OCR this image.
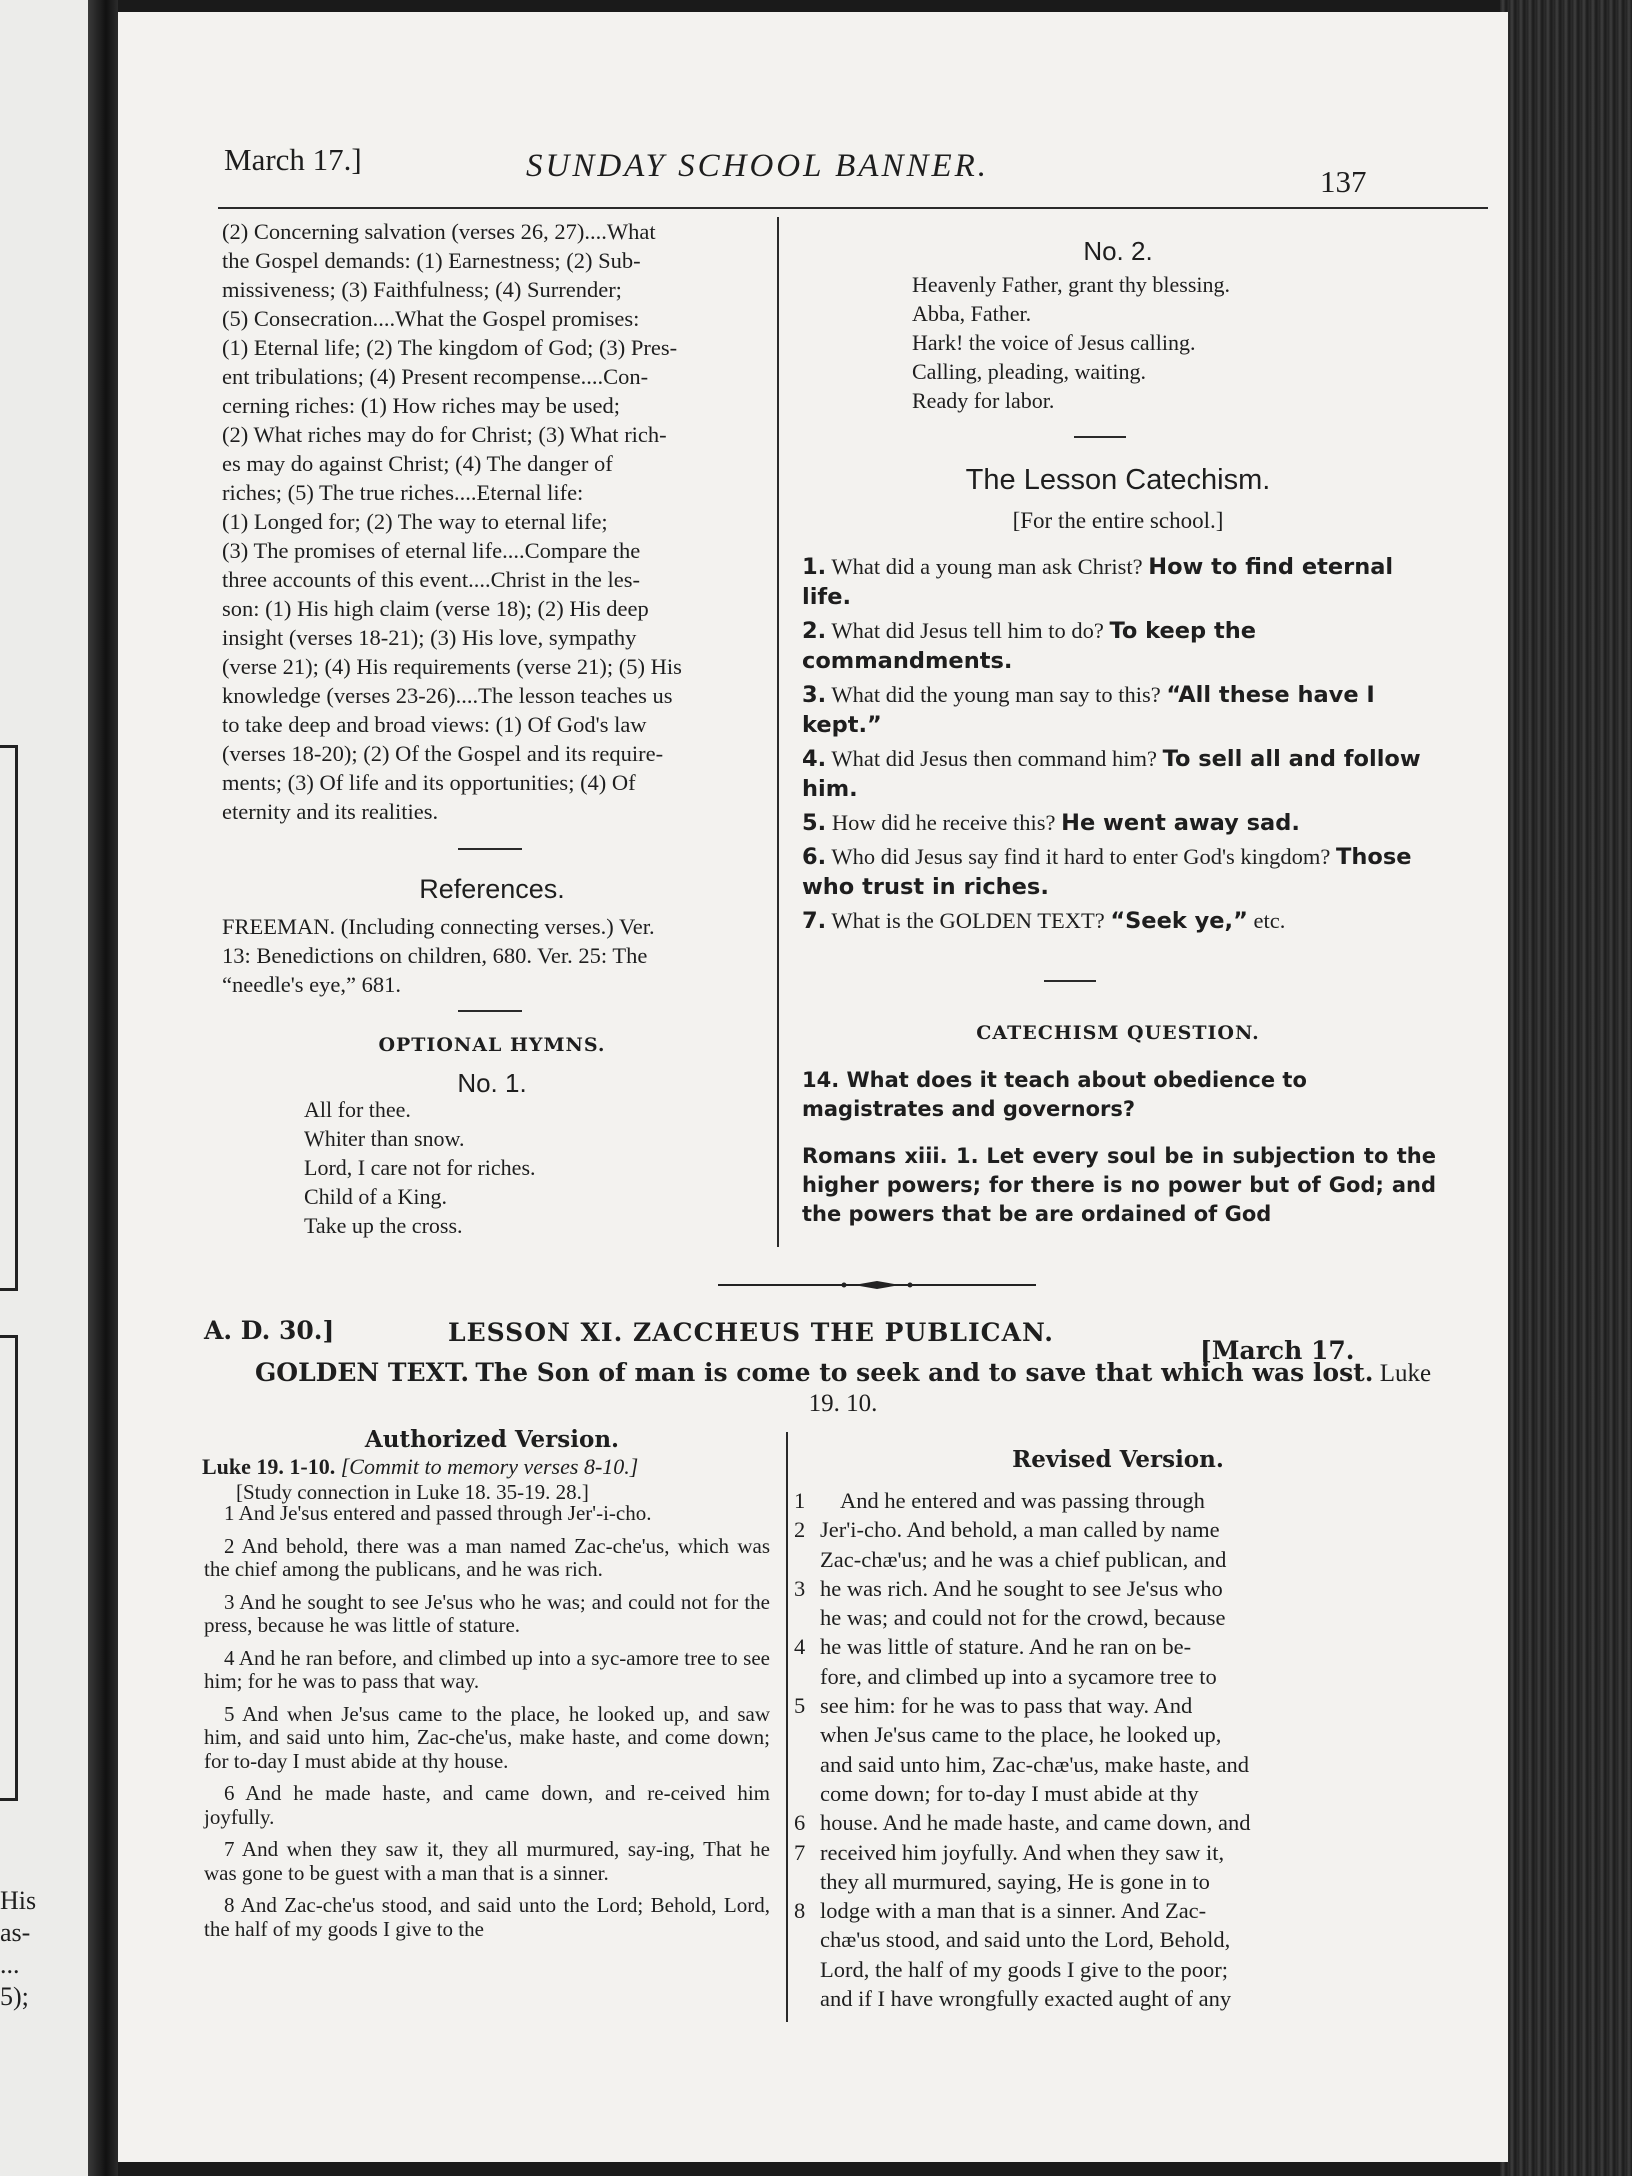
His
as-
...
5);
March 17.]	SUNDAY SCHOOL BANNER.	137

(2) Concerning salvation (verses 26, 27)....What

the Gospel demands: (1) Earnestness; (2) Sub-

missiveness; (3) Faithfulness; (4) Surrender;

(5) Consecration....What the Gospel promises:

(1) Eternal life; (2) The kingdom of God; (3) Pres-

ent tribulations; (4) Present recompense....Con-

cerning riches: (1) How riches may be used;

(2) What riches may do for Christ; (3) What rich-

es may do against Christ; (4) The danger of

riches; (5) The true riches....Eternal life:

(1) Longed for; (2) The way to eternal life;

(3) The promises of eternal life....Compare the

three accounts of this event....Christ in the les-

son: (1) His high claim (verse 18); (2) His deep

insight (verses 18-21); (3) His love, sympathy

(verse 21); (4) His requirements (verse 21); (5) His

knowledge (verses 23-26)....The lesson teaches us

to take deep and broad views: (1) Of God's law

(verses 18-20); (2) Of the Gospel and its require-

ments; (3) Of life and its opportunities; (4) Of

eternity and its realities.

References.

FREEMAN. (Including connecting verses.) Ver.

13: Benedictions on children, 680. Ver. 25: The

“needle's eye,” 681.

OPTIONAL HYMNS.
No. 1.
All for thee.
Whiter than snow.
Lord, I care not for riches.
Child of a King.
Take up the cross.
No. 2.
Heavenly Father, grant thy blessing.
Abba, Father.
Hark! the voice of Jesus calling.
Calling, pleading, waiting.
Ready for labor.
The Lesson Catechism.
[For the entire school.]

1. What did a young man ask Christ? How to find eternal life.

2. What did Jesus tell him to do? To keep the commandments.

3. What did the young man say to this? “All these have I kept.”

4. What did Jesus then command him? To sell all and follow him.

5. How did he receive this? He went away sad.

6. Who did Jesus say find it hard to enter God's kingdom? Those who trust in riches.

7. What is the GOLDEN TEXT? “Seek ye,” etc.

CATECHISM QUESTION.
14. What does it teach about obedience to magistrates and governors?
Romans xiii. 1. Let every soul be in subjection to the higher powers; for there is no power but of God; and the powers that be are ordained of God
A. D. 30.]	LESSON XI. ZACCHEUS THE PUBLICAN.
[March 17.
GOLDEN TEXT. The Son of man is come to seek and to save that which was lost. Luke 19. 10.
Authorized Version.
Luke 19. 1-10. [Commit to memory verses 8-10.]
[Study connection in Luke 18. 35-19. 28.]

1 And Je'sus entered and passed through Jer'-i-cho.

2 And behold, there was a man named Zac-che'us, which was the chief among the publicans, and he was rich.

3 And he sought to see Je'sus who he was; and could not for the press, because he was little of stature.

4 And he ran before, and climbed up into a syc-amore tree to see him; for he was to pass that way.

5 And when Je'sus came to the place, he looked up, and saw him, and said unto him, Zac-che'us, make haste, and come down; for to-day I must abide at thy house.

6 And he made haste, and came down, and re-ceived him joyfully.

7 And when they saw it, they all murmured, say-ing, That he was gone to be guest with a man that is a sinner.

8 And Zac-che'us stood, and said unto the Lord; Behold, Lord, the half of my goods I give to the

Revised Version.
1	And he entered and was passing through
2 Jer'i-cho. And behold, a man called by name
Zac-chæ'us; and he was a chief publican, and
3 he was rich. And he sought to see Je'sus who
he was; and could not for the crowd, because
4 he was little of stature. And he ran on be-
fore, and climbed up into a sycamore tree to
5 see him: for he was to pass that way. And
when Je'sus came to the place, he looked up,
and said unto him, Zac-chæ'us, make haste, and
come down; for to-day I must abide at thy
6 house. And he made haste, and came down, and
7 received him joyfully. And when they saw it,
they all murmured, saying, He is gone in to
8 lodge with a man that is a sinner. And Zac-
chæ'us stood, and said unto the Lord, Behold,
Lord, the half of my goods I give to the poor;
and if I have wrongfully exacted aught of any
